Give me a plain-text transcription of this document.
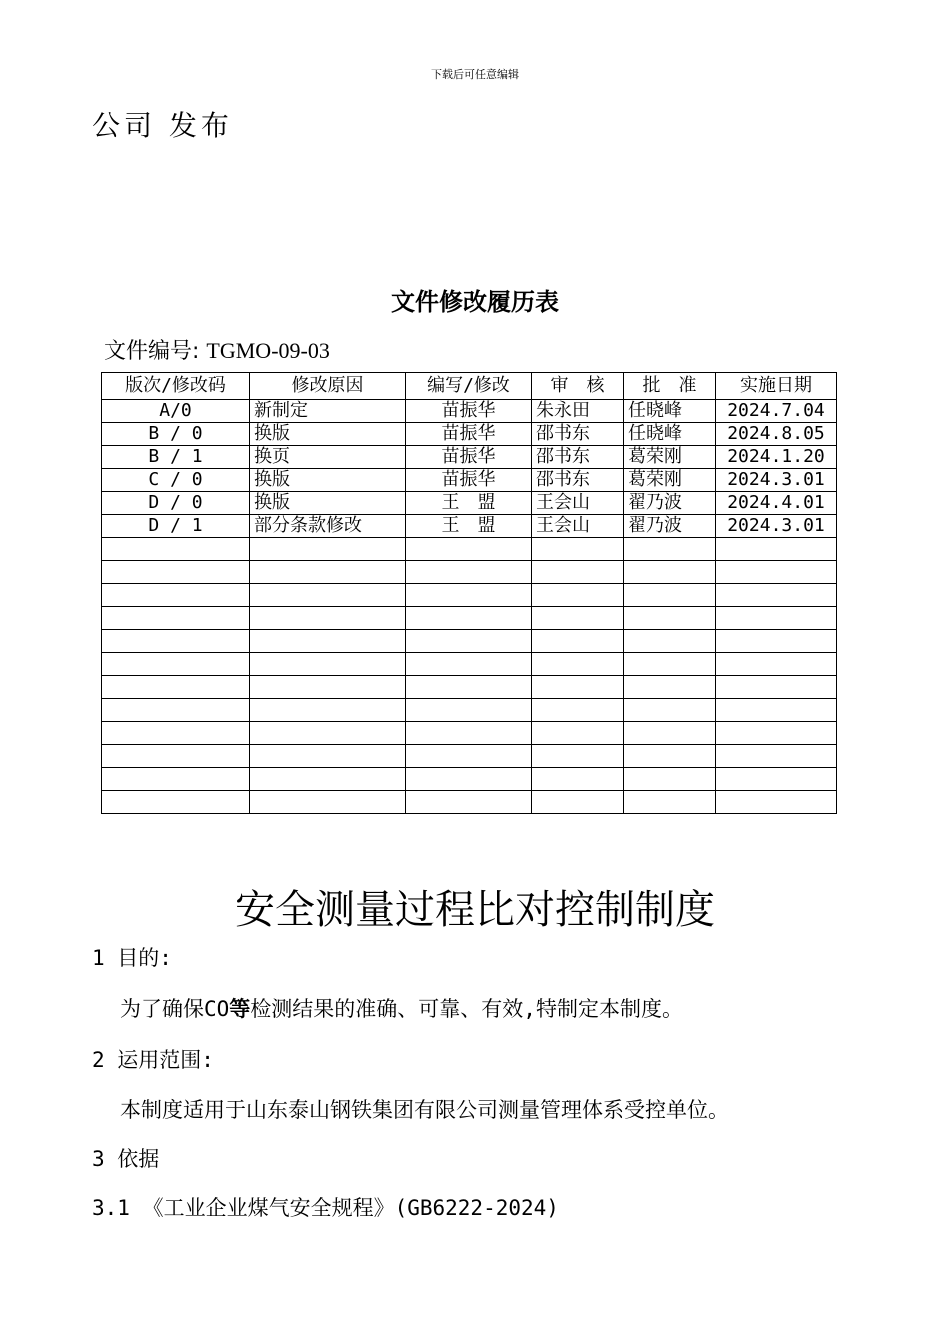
下载后可任意编辑
公司 发布
文件修改履历表
文件编号: TGMO-09-03
版次/修改码	修改原因	编写/修改	审　核	批　准	实施日期
A/0	新制定	苗振华	朱永田	任晓峰	2024.7.04
B / 0	换版	苗振华	邵书东	任晓峰	2024.8.05
B / 1	换页	苗振华	邵书东	葛荣刚	2024.1.20
C / 0	换版	苗振华	邵书东	葛荣刚	2024.3.01
D / 0	换版	王　盟	王会山	翟乃波	2024.4.01
D / 1	部分条款修改	王　盟	王会山	翟乃波	2024.3.01

安全测量过程比对控制制度
1 目的:
为了确保CO等检测结果的准确、可靠、有效,特制定本制度。
2 运用范围:
本制度适用于山东泰山钢铁集团有限公司测量管理体系受控单位。
3 依据
3.1 《工业企业煤气安全规程》(GB6222-2024)
